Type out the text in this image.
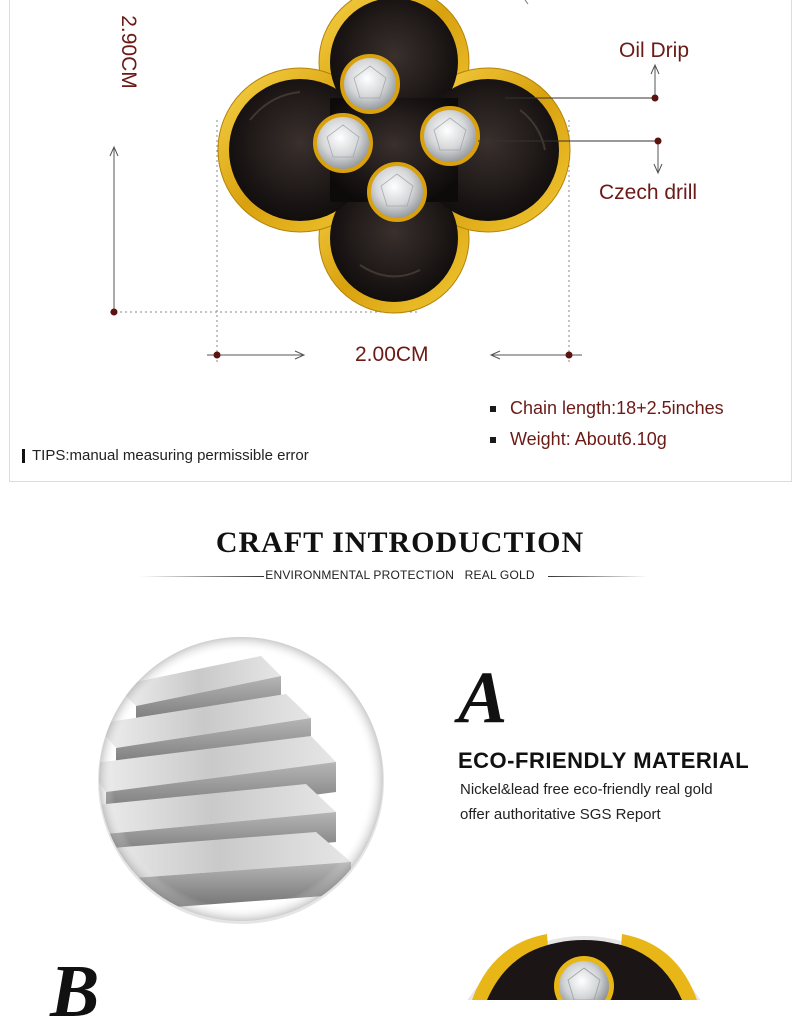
2.90CM
2.00CM
Oil Drip
Czech drill
Chain length:18+2.5inches
Weight: About6.10g
TIPS:manual measuring permissible error
CRAFT INTRODUCTION
ENVIRONMENTAL PROTECTION   REAL GOLD
A
ECO-FRIENDLY MATERIAL
Nickel&lead free eco-friendly real gold
offer authoritative SGS Report
B
